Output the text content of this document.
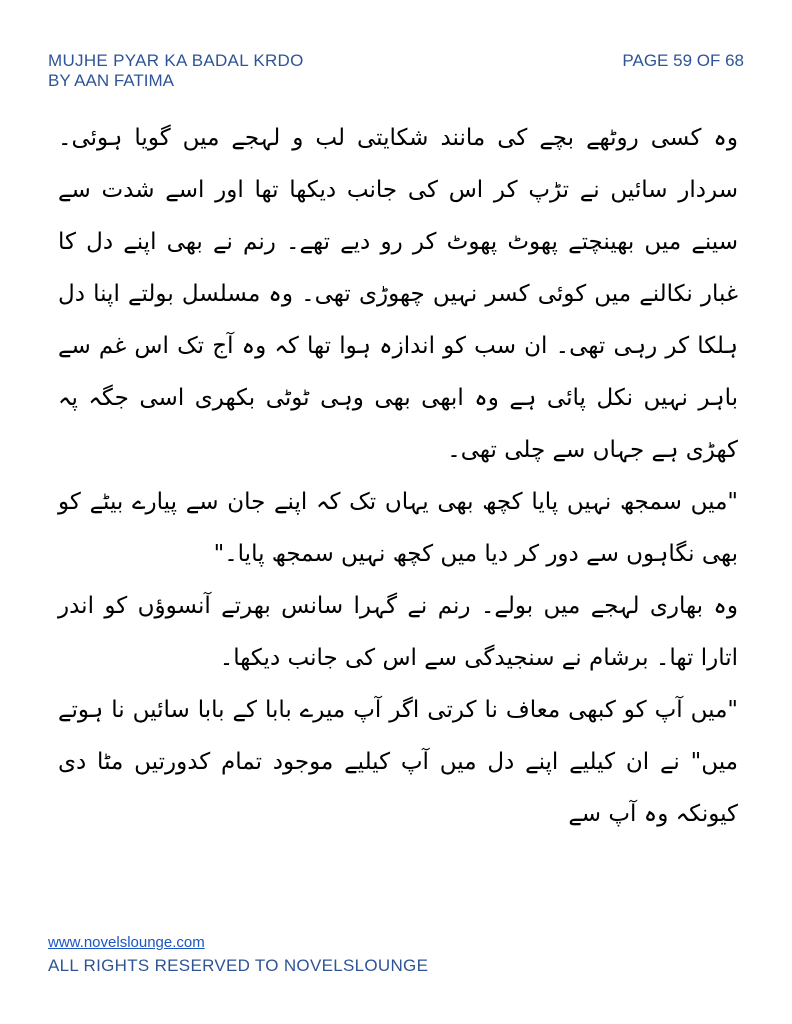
MUJHE PYAR KA BADAL KRDO
BY AAN FATIMA
PAGE 59 OF 68

وہ کسی روٹھے بچے کی مانند شکایتی لب و لہجے میں گویا ہوئی۔ سردار سائیں نے تڑپ کر اس کی جانب دیکھا تھا اور اسے شدت سے سینے میں بھینچتے پھوٹ پھوٹ کر رو دیے تھے۔ رنم نے بھی اپنے دل کا غبار نکالنے میں کوئی کسر نہیں چھوڑی تھی۔ وہ مسلسل بولتے اپنا دل ہلکا کر رہی تھی۔ ان سب کو اندازہ ہوا تھا کہ وہ آج تک اس غم سے باہر نہیں نکل پائی ہے وہ ابھی بھی وہی ٹوٹی بکھری اسی جگہ پہ کھڑی ہے جہاں سے چلی تھی۔

"میں سمجھ نہیں پایا کچھ بھی یہاں تک کہ اپنے جان سے پیارے بیٹے کو بھی نگاہوں سے دور کر دیا میں کچھ نہیں سمجھ پایا۔"

وہ بھاری لہجے میں بولے۔ رنم نے گہرا سانس بھرتے آنسوؤں کو اندر اتارا تھا۔ برشام نے سنجیدگی سے اس کی جانب دیکھا۔

"میں آپ کو کبھی معاف نا کرتی اگر آپ میرے بابا کے بابا سائیں نا ہوتے میں" نے ان کیلیے اپنے دل میں آپ کیلیے موجود تمام کدورتیں مٹا دی کیونکہ وہ آپ سے

www.novelslounge.com
ALL RIGHTS RESERVED TO NOVELSLOUNGE
